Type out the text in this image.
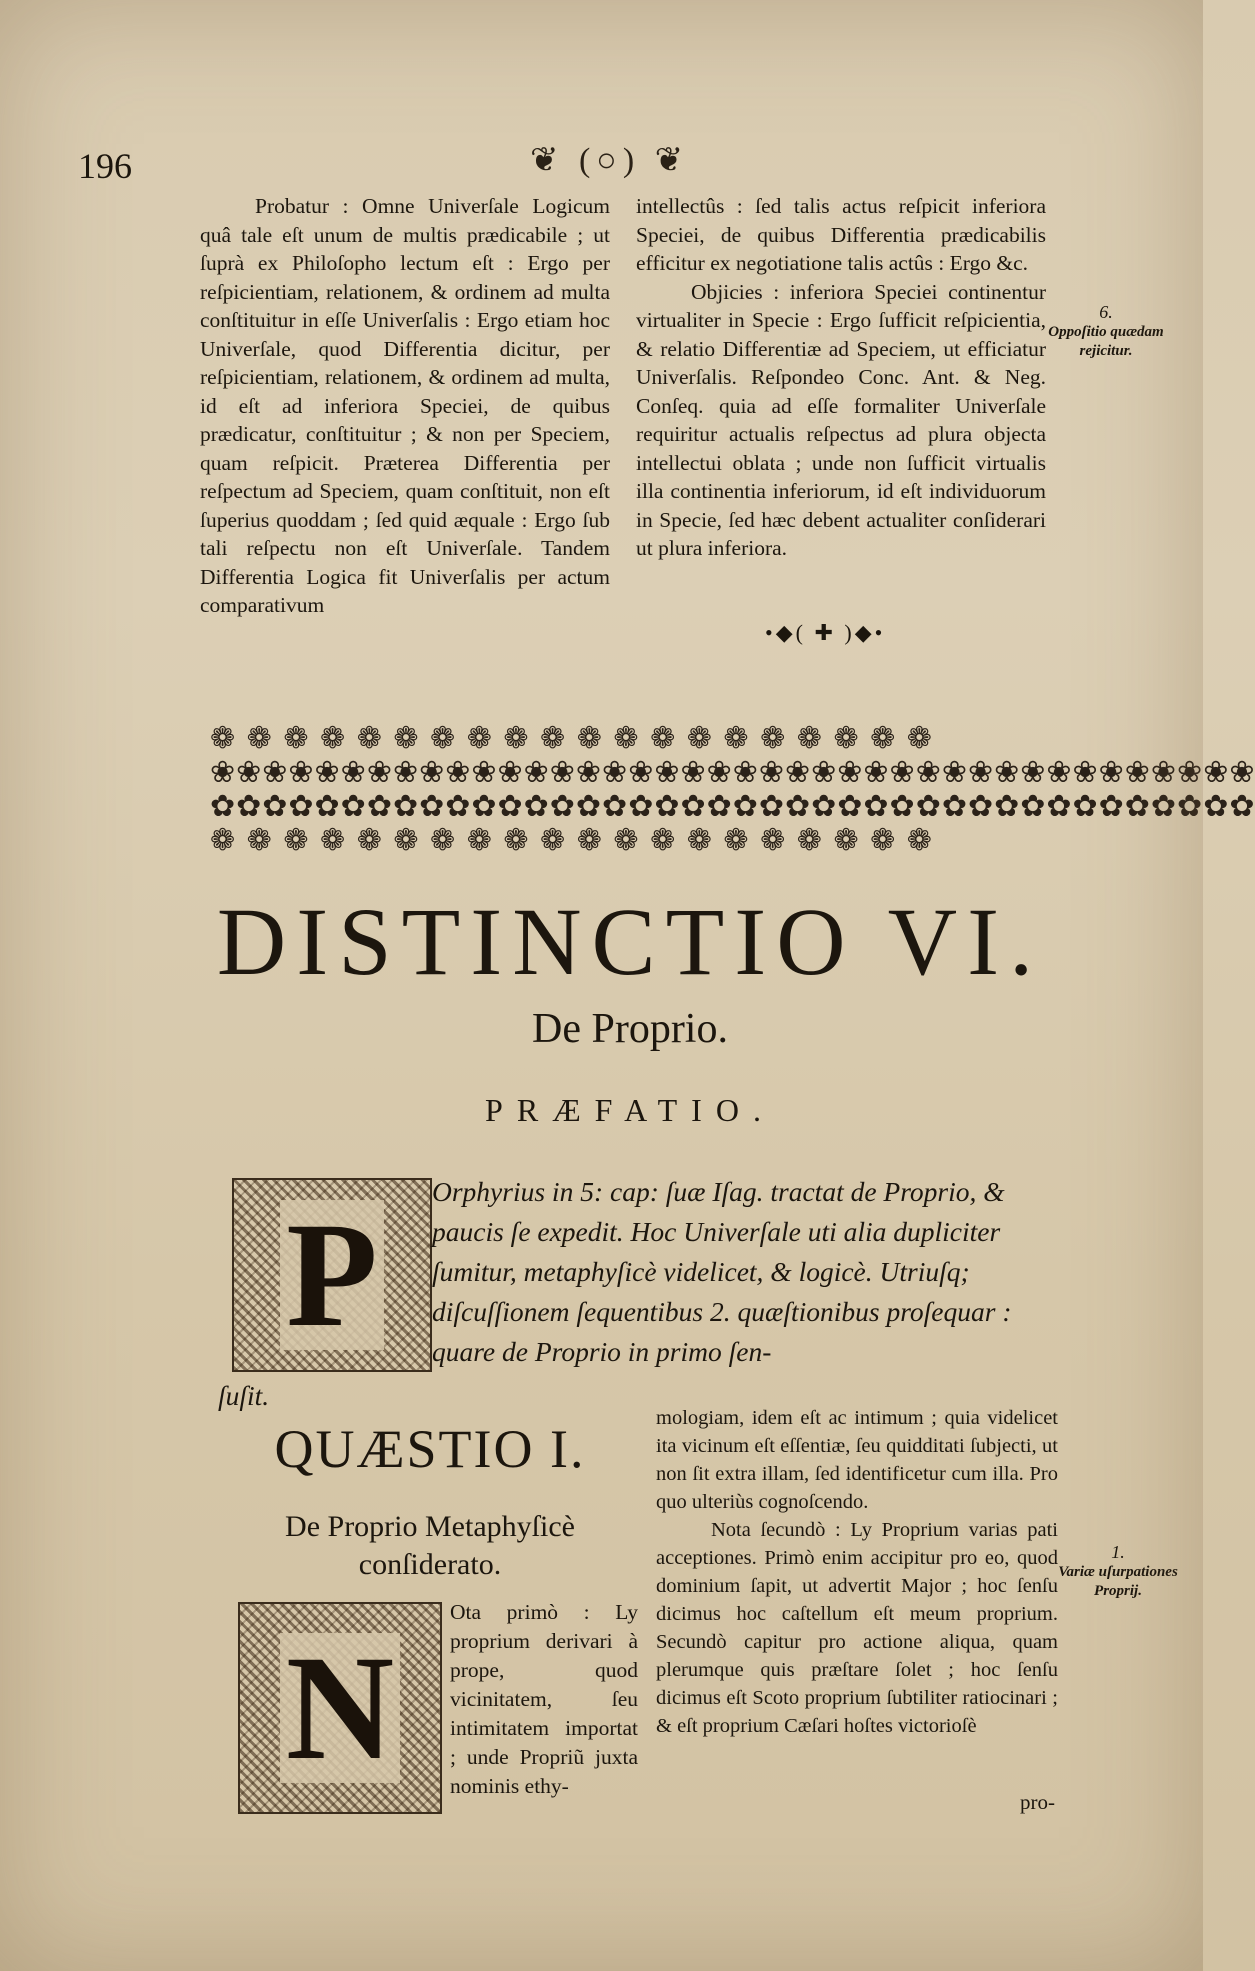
196	❦ (○) ❦

Probatur : Omne Univerſale Logicum quâ tale eſt unum de multis prædicabile ; ut ſuprà ex Philoſopho lectum eſt : Ergo per reſpicientiam, relationem, & ordinem ad multa conſtituitur in eſſe Univerſalis : Ergo etiam hoc Univerſale, quod Differentia dicitur, per reſpicientiam, relationem, & ordinem ad multa, id eſt ad inferiora Speciei, de quibus prædicatur, conſtituitur ; & non per Speciem, quam reſpicit. Præterea Differentia per reſpectum ad Speciem, quam conſtituit, non eſt ſuperius quoddam ; ſed quid æquale : Ergo ſub tali reſpectu non eſt Univerſale. Tandem Differentia Logica fit Univerſalis per actum comparativum

intellectûs : ſed talis actus reſpicit inferiora Speciei, de quibus Differentia prædicabilis efficitur ex negotiatione talis actûs : Ergo &c.

Objicies : inferiora Speciei continentur virtualiter in Specie : Ergo ſufficit reſpicientia, & relatio Differentiæ ad Speciem, ut efficiatur Univerſalis. Reſpondeo Conc. Ant. & Neg. Conſeq. quia ad eſſe formaliter Univerſale requiritur actualis reſpectus ad plura objecta intellectui oblata ; unde non ſufficit virtualis illa continentia inferiorum, id eſt individuorum in Specie, ſed hæc debent actualiter conſiderari ut plura inferiora.

6.
Oppoſitio quædam rejicitur.
•◆( ✚ )◆•
❁ ❁ ❁ ❁ ❁ ❁ ❁ ❁ ❁ ❁ ❁ ❁ ❁ ❁ ❁ ❁ ❁ ❁ ❁ ❁
❀❀❀❀❀❀❀❀❀❀❀❀❀❀❀❀❀❀❀❀❀❀❀❀❀❀❀❀❀❀❀❀❀❀❀❀❀❀❀❀
✿✿✿✿✿✿✿✿✿✿✿✿✿✿✿✿✿✿✿✿✿✿✿✿✿✿✿✿✿✿✿✿✿✿✿✿✿✿✿✿
❁ ❁ ❁ ❁ ❁ ❁ ❁ ❁ ❁ ❁ ❁ ❁ ❁ ❁ ❁ ❁ ❁ ❁ ❁ ❁
DISTINCTIO VI.
De Proprio.
PRÆFATIO.
P
Orphyrius in 5: cap: ſuæ Iſag. tractat de Proprio, & paucis ſe expedit. Hoc Univerſale uti alia dupliciter ſumitur, metaphyſicè videlicet, & logicè. Utriuſq; diſcuſſionem ſequentibus 2. quæſtionibus proſequar : quare de Proprio in primo ſen-
ſuſit.
QUÆSTIO I.
De Proprio Metaphyſicè conſiderato.
N
Ota primò : Ly proprium derivari à prope, quod vicinitatem, ſeu intimitatem importat ; unde Propriũ juxta nominis ethy-

mologiam, idem eſt ac intimum ; quia videlicet ita vicinum eſt eſſentiæ, ſeu quidditati ſubjecti, ut non ſit extra illam, ſed identificetur cum illa. Pro quo ulteriùs cognoſcendo.

Nota ſecundò : Ly Proprium varias pati acceptiones. Primò enim accipitur pro eo, quod dominium ſapit, ut advertit Major ; hoc ſenſu dicimus hoc caſtellum eſt meum proprium. Secundò capitur pro actione aliqua, quam plerumque quis præſtare ſolet ; hoc ſenſu dicimus eſt Scoto proprium ſubtiliter ratiocinari ; & eſt proprium Cæſari hoſtes victorioſè

1.
Variæ uſurpationes Proprij.
pro-
